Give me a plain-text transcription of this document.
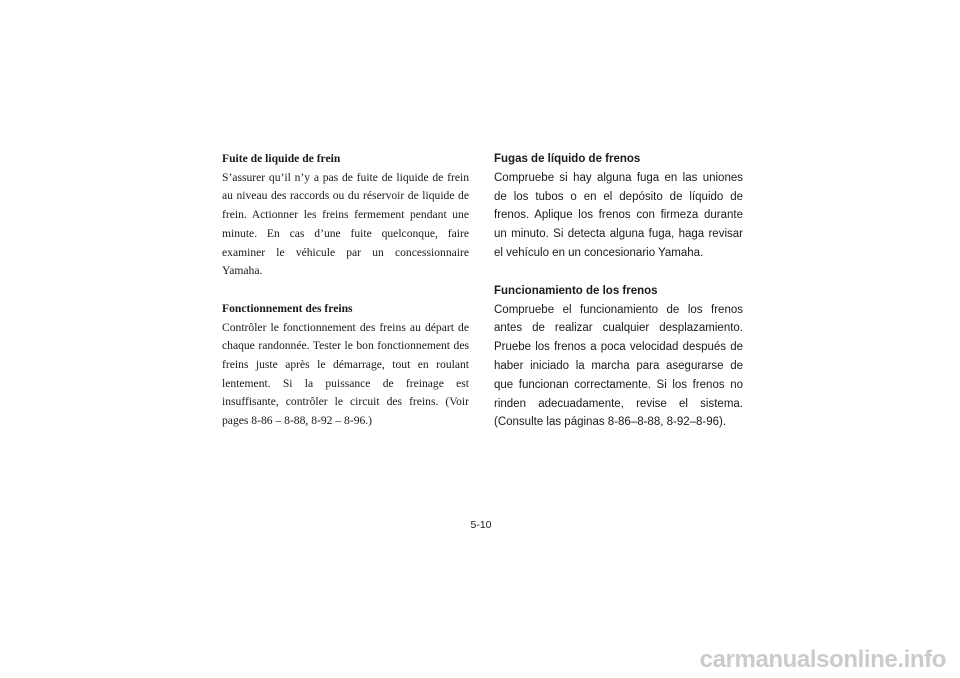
Fuite de liquide de frein

S’assurer qu’il n’y a pas de fuite de liquide de frein au niveau des raccords ou du réservoir de liquide de frein. Actionner les freins fermement pendant une minute. En cas d’une fuite quelconque, faire examiner le véhicule par un concessionnaire Yamaha.

Fonctionnement des freins

Contrôler le fonctionnement des freins au départ de chaque randonnée. Tester le bon fonctionnement des freins juste après le démarrage, tout en roulant lentement. Si la puissance de freinage est insuffisante, contrôler le circuit des freins. (Voir pages 8-86 – 8-88, 8-92 – 8-96.)

Fugas de líquido de frenos

Compruebe si hay alguna fuga en las uniones de los tubos o en el depósito de líquido de frenos. Aplique los frenos con firmeza durante un minuto. Si detecta alguna fuga, haga revisar el vehículo en un concesionario Yamaha.

Funcionamiento de los frenos

Compruebe el funcionamiento de los frenos antes de realizar cualquier desplazamiento. Pruebe los frenos a poca velocidad después de haber iniciado la marcha para asegurarse de que funcionan correctamente. Si los frenos no rinden adecuadamente, revise el sistema. (Consulte las páginas 8-86–8-88, 8-92–8-96).

5-10
carmanualsonline.info
